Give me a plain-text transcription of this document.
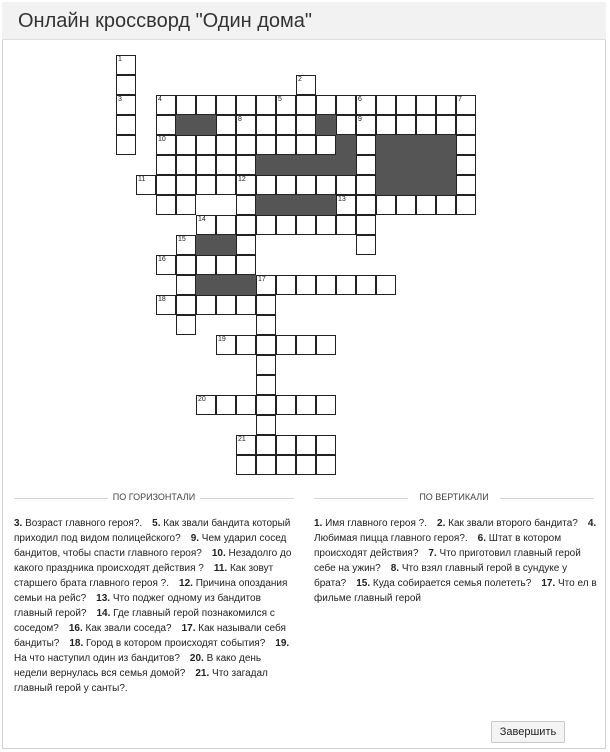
Онлайн кроссворд "Один дома"
1
2
3	4	5	6	7
8	9
10
11	12
13
14
15
16
17
18
19
20
21
ПО ГОРИЗОНТАЛИ	ПО ВЕРТИКАЛИ
3. Возраст главного героя?.  5. Как звали бандита который приходил под видом полицейского?  9. Чем ударил сосед бандитов, чтобы спасти главного героя?  10. Незадолго до какого праздника происходят действия ?  11. Как зовут старшего брата главного героя ?.  12. Причина опоздания семьи на рейс?  13. Что поджег одному из бандитов главный герой?  14. Где главный герой познакомился с соседом?  16. Как звали соседа?  17. Как называли себя бандиты?  18. Город в котором происходят события?  19. На что наступил один из бандитов?  20. В како день недели вернулась вся семья домой?  21. Что загадал главный герой у санты?.
1. Имя главного героя ?.  2. Как звали второго бандита?  4. Любимая пицца главного героя?.  6. Штат в котором происходят действия?  7. Что приготовил главный герой себе на ужин?  8. Что взял главный герой в сундуке у брата?  15. Куда собирается семья полететь?  17. Что ел в фильме главный герой
Завершить
